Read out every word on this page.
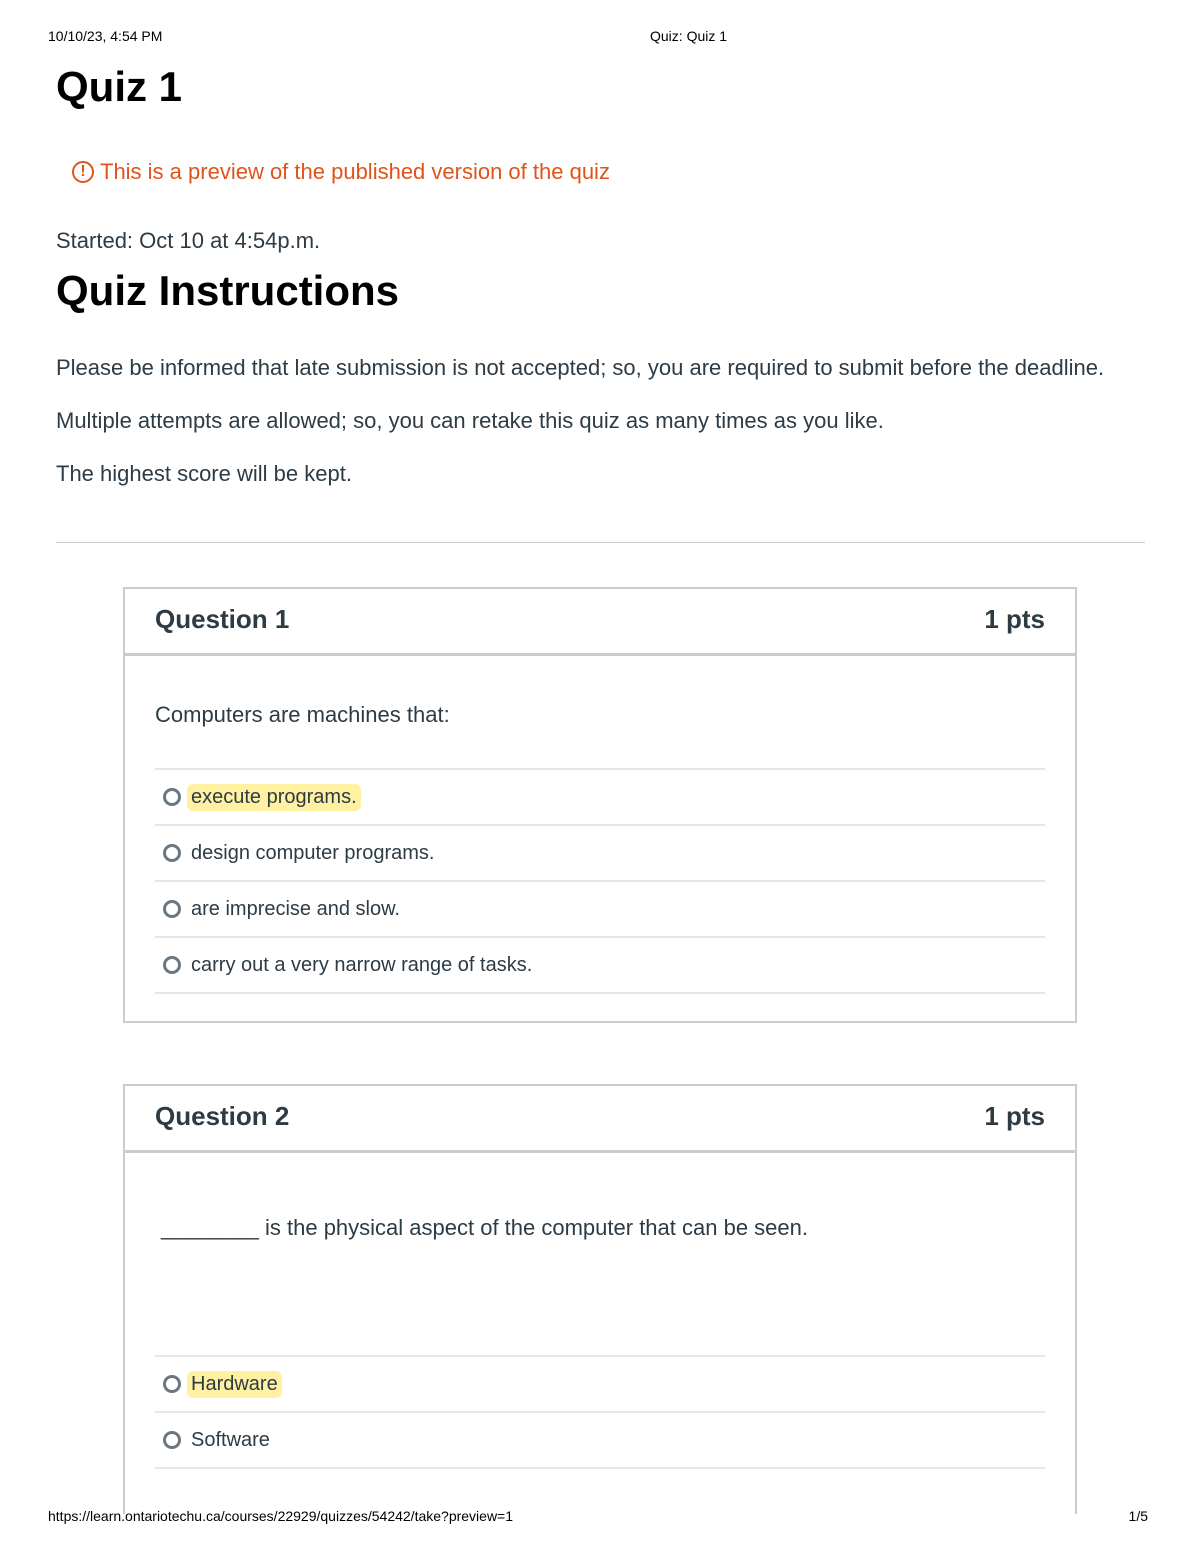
10/10/23, 4:54 PM	Quiz: Quiz 1
Quiz 1
! This is a preview of the published version of the quiz
Started: Oct 10 at 4:54p.m.
Quiz Instructions

Please be informed that late submission is not accepted; so, you are required to submit before the deadline.

Multiple attempts are allowed; so, you can retake this quiz as many times as you like.

The highest score will be kept.

Question 1	1 pts
Computers are machines that:
execute programs.
design computer programs.
are imprecise and slow.
carry out a very narrow range of tasks.
Question 2	1 pts
________ is the physical aspect of the computer that can be seen.
Hardware
Software
https://learn.ontariotechu.ca/courses/22929/quizzes/54242/take?preview=1	1/5
